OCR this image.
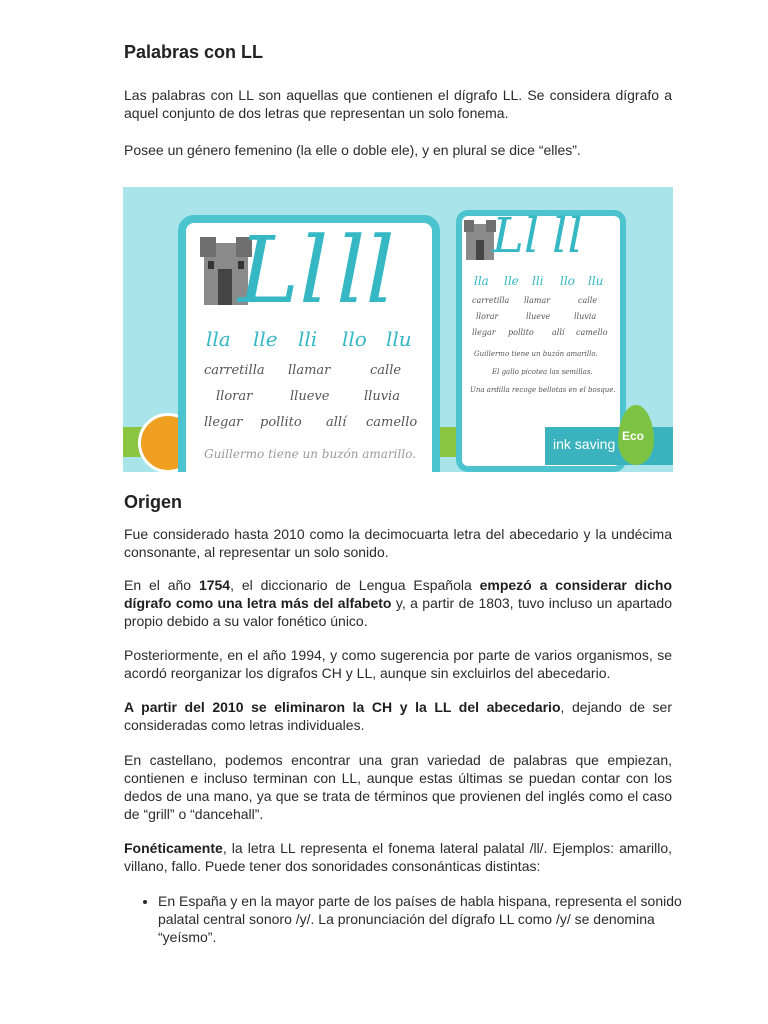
Palabras con LL

Las palabras con LL son aquellas que contienen el dígrafo LL. Se considera dígrafo a aquel conjunto de dos letras que representan un solo fonema.

Posee un género femenino (la elle o doble ele), y en plural se dice “elles”.

Ll ll
lla lle lli llo llu
carretilla llamar	calle
llorar	llueve	lluvia
llegar pollito allí camello
Guillermo tiene un buzón amarillo.
Ll ll
lla lle lli llo llu
carretilla llamar	calle
llorar	llueve	lluvia
llegar pollito allí camello
Guillermo tiene un buzón amarillo.
El gallo picotea las semillas.
Una ardilla recoge bellotas en el bosque.
ink saving Eco
Origen

Fue considerado hasta 2010 como la decimocuarta letra del abecedario y la undécima consonante, al representar un solo sonido.

En el año 1754, el diccionario de Lengua Española empezó a considerar dicho dígrafo como una letra más del alfabeto y, a partir de 1803, tuvo incluso un apartado propio debido a su valor fonético único.

Posteriormente, en el año 1994, y como sugerencia por parte de varios organismos, se acordó reorganizar los dígrafos CH y LL, aunque sin excluirlos del abecedario.

A partir del 2010 se eliminaron la CH y la LL del abecedario, dejando de ser consideradas como letras individuales.

En castellano, podemos encontrar una gran variedad de palabras que empiezan, contienen e incluso terminan con LL, aunque estas últimas se puedan contar con los dedos de una mano, ya que se trata de términos que provienen del inglés como el caso de “grill” o “dancehall”.

Fonéticamente, la letra LL representa el fonema lateral palatal /ll/. Ejemplos: amarillo, villano, fallo. Puede tener dos sonoridades consonánticas distintas:

• En España y en la mayor parte de los países de habla hispana, representa el sonido palatal central sonoro /y/. La pronunciación del dígrafo LL como /y/ se denomina “yeísmo”.
